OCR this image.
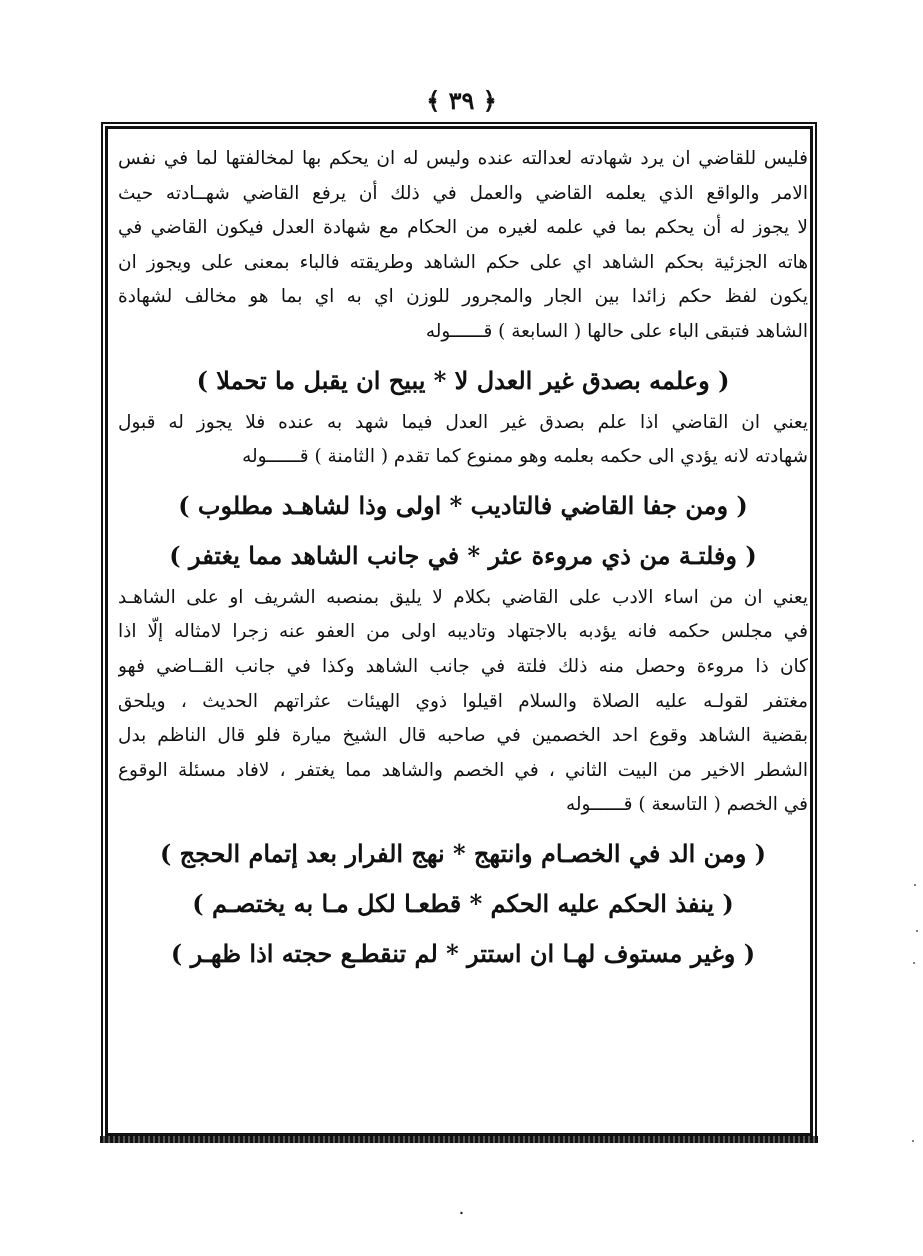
﴿ ٣٩ ﴾
فليس للقاضي ان يرد شهادته لعدالته عنده وليس له ان يحكم بها لمخالفتها لما في نفس
الامر والواقع الذي يعلمه القاضي والعمل في ذلك أن يرفع القاضي شهــادته حيث
لا يجوز له أن يحكم بما في علمه لغيره من الحكام مع شهادة العدل فيكون القاضي في
هاته الجزئية بحكم الشاهد اي على حكم الشاهد وطريقته فالباء بمعنى على ويجوز ان
يكون لفظ حكم زائدا بين الجار والمجرور للوزن اي به اي بما هو مخالف لشهادة
الشاهد فتبقى الباء على حالها ( السابعة ) قــــــوله
( وعلمه بصدق غير العدل لا * يبيح ان يقبل ما تحملا )
يعني ان القاضي اذا علم بصدق غير العدل فيما شهد به عنده فلا يجوز له قبول
شهادته لانه يؤدي الى حكمه بعلمه وهو ممنوع كما تقدم ( الثامنة ) قــــــوله
( ومن جفا القاضي فالتاديب * اولى وذا لشاهـد مطلوب )
( وفلتـة من ذي مروءة عثر * في جانب الشاهد مما يغتفر )
يعني ان من اساء الادب على القاضي بكلام لا يليق بمنصبه الشريف او على الشاهـد
في مجلس حكمه فانه يؤدبه بالاجتهاد وتاديبه اولى من العفو عنه زجرا لامثاله إلّا اذا
كان ذا مروءة وحصل منه ذلك فلتة في جانب الشاهد وكذا في جانب القــاضي فهو
مغتفر لقولـه عليه الصلاة والسلام اقيلوا ذوي الهيئات عثراتهم الحديث ، ويلحق
بقضية الشاهد وقوع احد الخصمين في صاحبه قال الشيخ ميارة فلو قال الناظم بدل
الشطر الاخير من البيت الثاني ، في الخصم والشاهد مما يغتفر ، لافاد مسئلة الوقوع
في الخصم ( التاسعة ) قــــــوله
( ومن الد في الخصـام وانتهج * نهج الفرار بعد إتمام الحجج )
( ينفذ الحكم عليه الحكم * قطعـا لكل مـا به يختصـم )
( وغير مستوف لهـا ان استتر * لم تنقطـع حجته اذا ظهـر )
۰
